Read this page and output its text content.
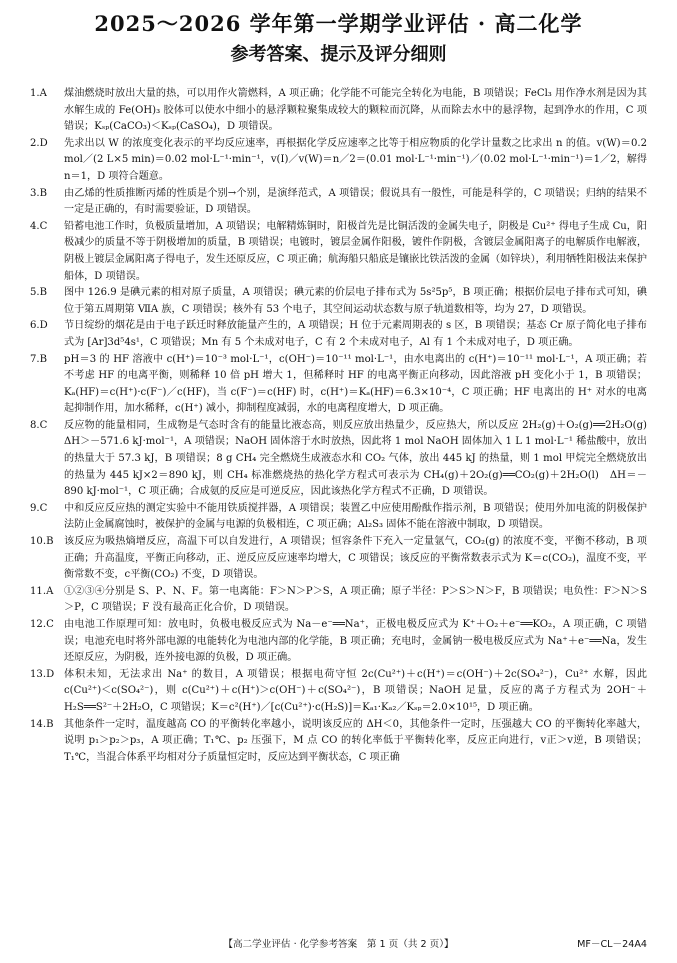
2025～2026 学年第一学期学业评估 · 高二化学
参考答案、提示及评分细则
1.A	煤油燃烧时放出大量的热，可以用作火箭燃料，A 项正确；化学能不可能完全转化为电能，B 项错误；FeCl₃ 用作净水剂是因为其水解生成的 Fe(OH)₃ 胶体可以使水中细小的悬浮颗粒聚集成较大的颗粒而沉降，从而除去水中的悬浮物，起到净水的作用，C 项错误；Kₛₚ(CaCO₃)＜Kₛₚ(CaSO₄)，D 项错误。
2.D	先求出以 W 的浓度变化表示的平均反应速率，再根据化学反应速率之比等于相应物质的化学计量数之比求出 n 的值。v(W)＝0.2 mol／(2 L×5 min)＝0.02 mol·L⁻¹·min⁻¹，v(I)／v(W)＝n／2＝(0.01 mol·L⁻¹·min⁻¹)／(0.02 mol·L⁻¹·min⁻¹)＝1／2，解得 n＝1，D 项符合题意。
3.B	由乙烯的性质推断丙烯的性质是个别→个别，是演绎范式，A 项错误；假说具有一般性，可能是科学的，C 项错误；归纳的结果不一定是正确的，有时需要验证，D 项错误。
4.C	铅蓄电池工作时，负极质量增加，A 项错误；电解精炼铜时，阳极首先是比铜活泼的金属失电子，阴极是 Cu²⁺ 得电子生成 Cu，阳极减少的质量不等于阴极增加的质量，B 项错误；电镀时，镀层金属作阳极，镀件作阴极，含镀层金属阳离子的电解质作电解液，阴极上镀层金属阳离子得电子，发生还原反应，C 项正确；航海船只船底是镶嵌比铁活泼的金属（如锌块），利用牺牲阳极法来保护船体，D 项错误。
5.B	图中 126.9 是碘元素的相对原子质量，A 项错误；碘元素的价层电子排布式为 5s²5p⁵，B 项正确；根据价层电子排布式可知，碘位于第五周期第 ⅦA 族，C 项错误；核外有 53 个电子，其空间运动状态数与原子轨道数相等，均为 27，D 项错误。
6.D	节日绽纷的烟花是由于电子跃迁时释放能量产生的，A 项错误；H 位于元素周期表的 s 区，B 项错误；基态 Cr 原子简化电子排布式为 [Ar]3d⁵4s¹，C 项错误；Mn 有 5 个未成对电子，C 有 2 个未成对电子，Al 有 1 个未成对电子，D 项正确。
7.B	pH＝3 的 HF 溶液中 c(H⁺)＝10⁻³ mol·L⁻¹，c(OH⁻)＝10⁻¹¹ mol·L⁻¹，由水电离出的 c(H⁺)＝10⁻¹¹ mol·L⁻¹，A 项正确；若不考虑 HF 的电离平衡，则稀释 10 倍 pH 增大 1，但稀释时 HF 的电离平衡正向移动，因此溶液 pH 变化小于 1，B 项错误；Kₐ(HF)＝c(H⁺)·c(F⁻)／c(HF)，当 c(F⁻)＝c(HF) 时，c(H⁺)＝Kₐ(HF)＝6.3×10⁻⁴，C 项正确；HF 电离出的 H⁺ 对水的电离起抑制作用，加水稀释，c(H⁺) 减小，抑制程度减弱，水的电离程度增大，D 项正确。
8.C	反应物的能量相同，生成物是气态时含有的能量比液态高，则反应放出热量少，反应热大，所以反应 2H₂(g)＋O₂(g)══2H₂O(g)　ΔH＞－571.6 kJ·mol⁻¹，A 项错误；NaOH 固体溶于水时放热，因此将 1 mol NaOH 固体加入 1 L 1 mol·L⁻¹ 稀盐酸中，放出的热量大于 57.3 kJ，B 项错误；8 g CH₄ 完全燃烧生成液态水和 CO₂ 气体，放出 445 kJ 的热量，则 1 mol 甲烷完全燃烧放出的热量为 445 kJ×2＝890 kJ，则 CH₄ 标准燃烧热的热化学方程式可表示为 CH₄(g)＋2O₂(g)══CO₂(g)＋2H₂O(l)　ΔH＝－890 kJ·mol⁻¹，C 项正确；合成氨的反应是可逆反应，因此该热化学方程式不正确，D 项错误。
9.C	中和反应反应热的测定实验中不能用铁质搅拌器，A 项错误；装置乙中应使用酚酞作指示剂，B 项错误；使用外加电流的阴极保护法防止金属腐蚀时，被保护的金属与电源的负极相连，C 项正确；Al₂S₃ 固体不能在溶液中制取，D 项错误。
10.B	该反应为吸热熵增反应，高温下可以自发进行，A 项错误；恒容条件下充入一定量氩气，CO₂(g) 的浓度不变，平衡不移动，B 项正确；升高温度，平衡正向移动，正、逆反应反应速率均增大，C 项错误；该反应的平衡常数表示式为 K＝c(CO₂)，温度不变，平衡常数不变，c平衡(CO₂) 不变，D 项错误。
11.A	①②③④分别是 S、P、N、F。第一电离能：F＞N＞P＞S，A 项正确；原子半径：P＞S＞N＞F，B 项错误；电负性：F＞N＞S＞P，C 项错误；F 没有最高正化合价，D 项错误。
12.C	由电池工作原理可知：放电时，负极电极反应式为 Na－e⁻══Na⁺，正极电极反应式为 K⁺＋O₂＋e⁻══KO₂，A 项正确，C 项错误；电池充电时将外部电源的电能转化为电池内部的化学能，B 项正确；充电时，金属钠一极电极反应式为 Na⁺＋e⁻══Na，发生还原反应，为阴极，连外接电源的负极，D 项正确。
13.D 体积未知，无法求出 Na⁺ 的数目，A 项错误；根据电荷守恒 2c(Cu²⁺)＋c(H⁺)＝c(OH⁻)＋2c(SO₄²⁻)，Cu²⁺ 水解，因此 c(Cu²⁺)＜c(SO₄²⁻)，则 c(Cu²⁺)＋c(H⁺)＞c(OH⁻)＋c(SO₄²⁻)，B 项错误；NaOH 足量，反应的离子方程式为 2OH⁻＋H₂S══S²⁻＋2H₂O，C 项错误；K＝c²(H⁺)／[c(Cu²⁺)·c(H₂S)]＝Kₐ₁·Kₐ₂／Kₛₚ＝2.0×10¹⁵，D 项正确。
14.B	其他条件一定时，温度越高 CO 的平衡转化率越小，说明该反应的 ΔH＜0，其他条件一定时，压强越大 CO 的平衡转化率越大，说明 p₁＞p₂＞p₃，A 项正确；T₁℃、p₂ 压强下，M 点 CO 的转化率低于平衡转化率，反应正向进行，v正＞v逆，B 项错误；T₁℃，当混合体系平均相对分子质量恒定时，反应达到平衡状态，C 项正确
【高二学业评估 · 化学参考答案　第 1 页（共 2 页）】	MF－CL－24A4
